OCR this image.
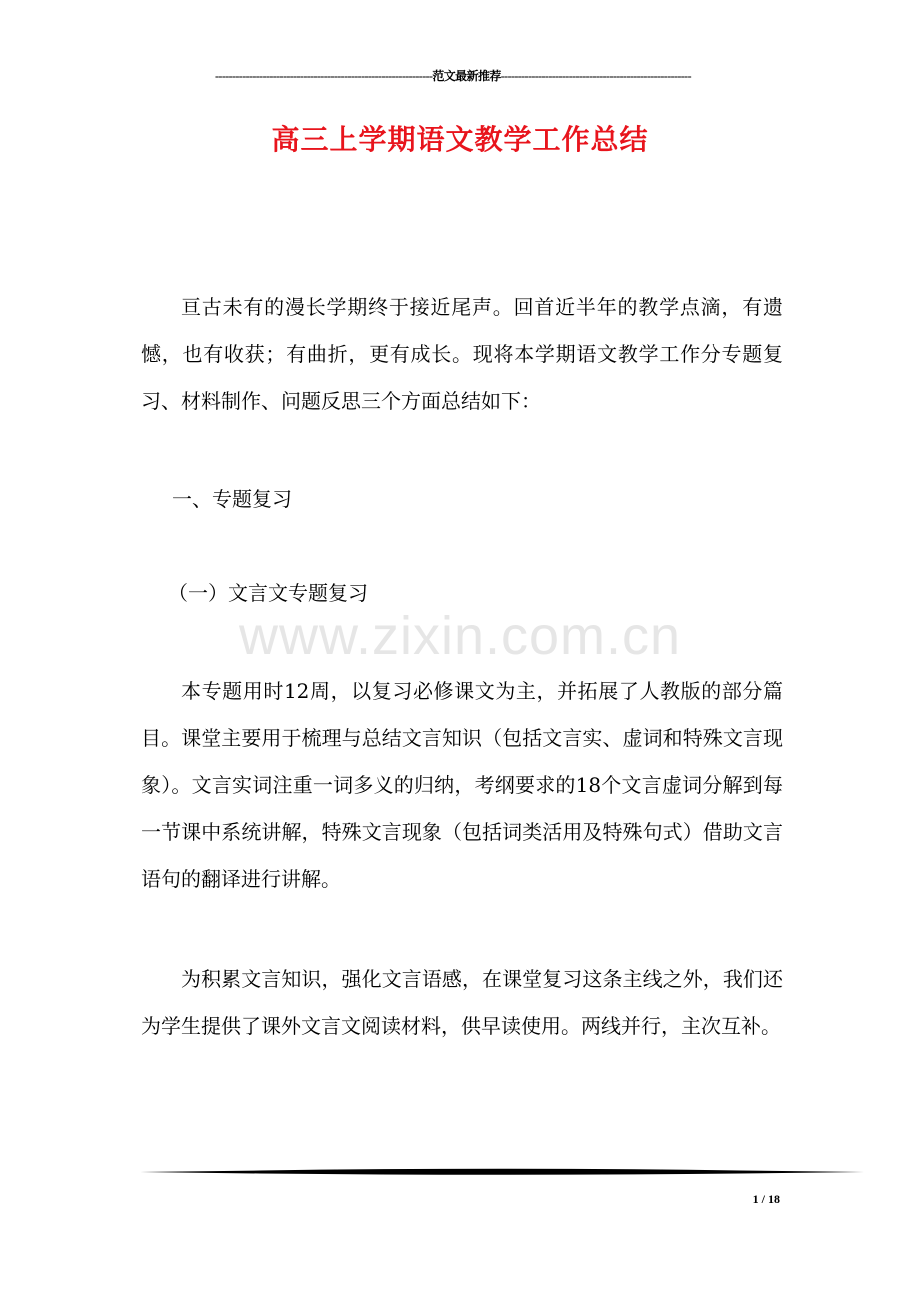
----------------------------------------------------------------范文最新推荐--------------------------------------------------------
高三上学期语文教学工作总结
www.zixin.com.cn

亘古未有的漫长学期终于接近尾声。回首近半年的教学点滴，有遗憾，也有收获；有曲折，更有成长。现将本学期语文教学工作分专题复习、材料制作、问题反思三个方面总结如下：

一、专题复习

（一）文言文专题复习

本专题用时12周，以复习必修课文为主，并拓展了人教版的部分篇目。课堂主要用于梳理与总结文言知识（包括文言实、虚词和特殊文言现象）。文言实词注重一词多义的归纳，考纲要求的18个文言虚词分解到每一节课中系统讲解，特殊文言现象（包括词类活用及特殊句式）借助文言语句的翻译进行讲解。

为积累文言知识，强化文言语感，在课堂复习这条主线之外，我们还为学生提供了课外文言文阅读材料，供早读使用。两线并行，主次互补。

1 / 18
